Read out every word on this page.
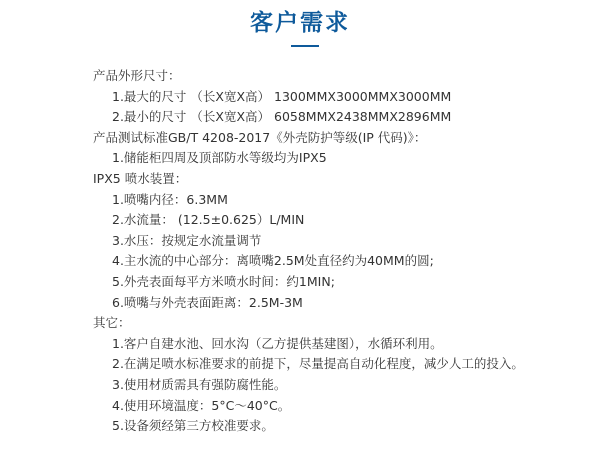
客户需求
产品外形尺寸：
1.最大的尺寸 （长X宽X高） 1300MMX3000MMX3000MM
2.最小的尺寸 （长X宽X高） 6058MMX2438MMX2896MM
产品测试标准GB/T 4208-2017《外壳防护等级(IP 代码)》：
1.储能柜四周及顶部防水等级均为IPX5
IPX5 喷水装置：
1.喷嘴内径：6.3MM
2.水流量： (12.5±0.625）L/MIN
3.水压：按规定水流量调节
4.主水流的中心部分：离喷嘴2.5M处直径约为40MM的圆;
5.外壳表面每平方米喷水时间：约1MIN;
6.喷嘴与外壳表面距离：2.5M-3M
其它：
1.客户自建水池、回水沟（乙方提供基建图），水循环利用。
2.在满足喷水标准要求的前提下，尽量提高自动化程度，减少人工的投入。
3.使用材质需具有强防腐性能。
4.使用环境温度：5°C～40°C。
5.设备须经第三方校准要求。
